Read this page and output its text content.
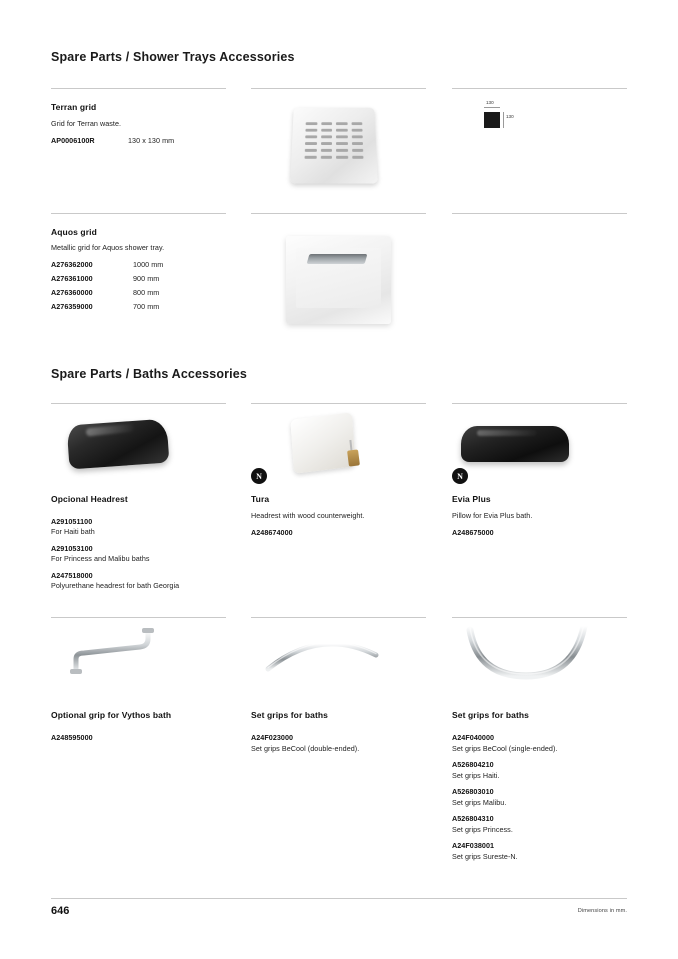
Spare Parts / Shower Trays Accessories
Terran grid
Grid for Terran waste.
AP0006100R	130 x 130 mm
130
130
Aquos grid
Metallic grid for Aquos shower tray.
A276362000	1000 mm
A276361000	900 mm
A276360000	800 mm
A276359000	700 mm
Spare Parts / Baths Accessories
Opcional Headrest
A291051100
For Haiti bath
A291053100
For Princess and Malibu baths
A247518000
Polyurethane headrest for bath Georgia
N
Tura
Headrest with wood counterweight.
A248674000
N
Evia Plus
Pillow for Evia Plus bath.
A248675000
Optional grip for Vythos bath
A248595000
Set grips for baths
A24F023000
Set grips BeCool (double-ended).
Set grips for baths
A24F040000
Set grips BeCool (single-ended).
A526804210
Set grips Haiti.
A526803010
Set grips Malibu.
A526804310
Set grips Princess.
A24F038001
Set grips Sureste-N.
646	Dimensions in mm.
